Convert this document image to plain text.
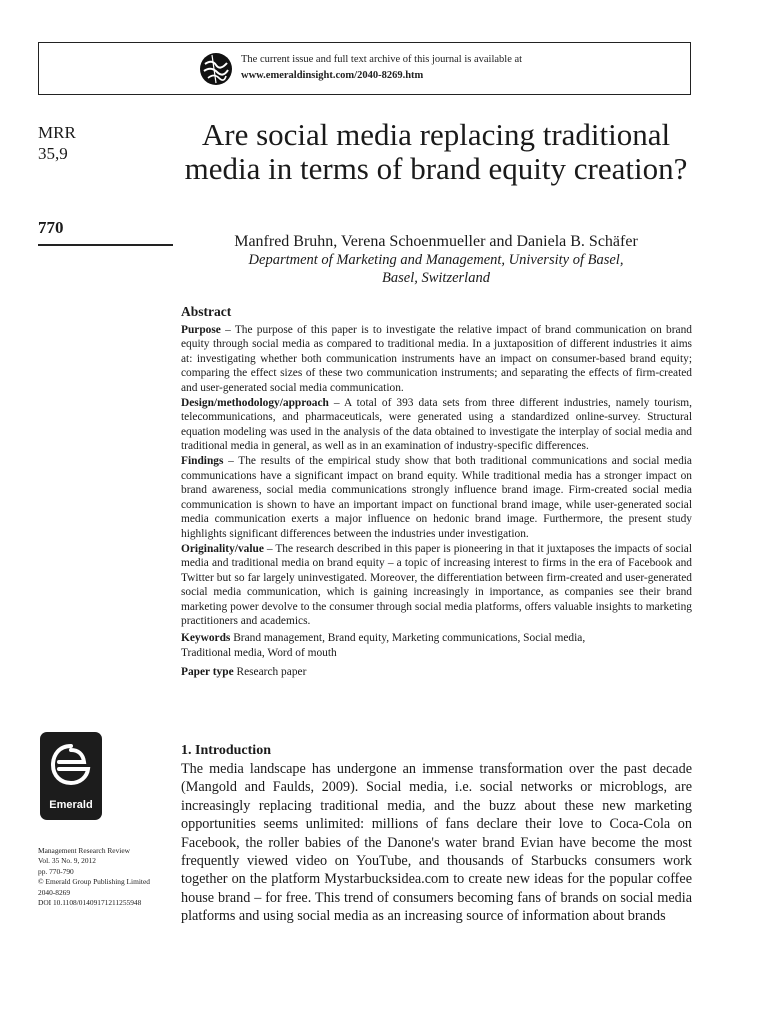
The current issue and full text archive of this journal is available at
www.emeraldinsight.com/2040-8269.htm
MRR
35,9
770
Are social media replacing traditional media in terms of brand equity creation?
Manfred Bruhn, Verena Schoenmueller and Daniela B. Schäfer
Department of Marketing and Management, University of Basel,
Basel, Switzerland
Abstract

Purpose – The purpose of this paper is to investigate the relative impact of brand communication on brand equity through social media as compared to traditional media. In a juxtaposition of different industries it aims at: investigating whether both communication instruments have an impact on consumer-based brand equity; comparing the effect sizes of these two communication instruments; and separating the effects of firm-created and user-generated social media communication.

Design/methodology/approach – A total of 393 data sets from three different industries, namely tourism, telecommunications, and pharmaceuticals, were generated using a standardized online-survey. Structural equation modeling was used in the analysis of the data obtained to investigate the interplay of social media and traditional media in general, as well as in an examination of industry-specific differences.

Findings – The results of the empirical study show that both traditional communications and social media communications have a significant impact on brand equity. While traditional media has a stronger impact on brand awareness, social media communications strongly influence brand image. Firm-created social media communication is shown to have an important impact on functional brand image, while user-generated social media communication exerts a major influence on hedonic brand image. Furthermore, the present study highlights significant differences between the industries under investigation.

Originality/value – The research described in this paper is pioneering in that it juxtaposes the impacts of social media and traditional media on brand equity – a topic of increasing interest to firms in the era of Facebook and Twitter but so far largely uninvestigated. Moreover, the differentiation between firm-created and user-generated social media communication, which is gaining increasingly in importance, as companies see their brand marketing power devolve to the consumer through social media platforms, offers valuable insights to marketing practitioners and academics.

Keywords Brand management, Brand equity, Marketing communications, Social media,
Traditional media, Word of mouth

Paper type Research paper

Emerald
Management Research Review
Vol. 35 No. 9, 2012
pp. 770-790
© Emerald Group Publishing Limited
2040-8269
DOI 10.1108/01409171211255948
1. Introduction

The media landscape has undergone an immense transformation over the past decade (Mangold and Faulds, 2009). Social media, i.e. social networks or microblogs, are increasingly replacing traditional media, and the buzz about these new marketing opportunities seems unlimited: millions of fans declare their love to Coca-Cola on Facebook, the roller babies of the Danone's water brand Evian have become the most frequently viewed video on YouTube, and thousands of Starbucks consumers work together on the platform Mystarbucksidea.com to create new ideas for the popular coffee house brand – for free. This trend of consumers becoming fans of brands on social media platforms and using social media as an increasing source of information about brands
